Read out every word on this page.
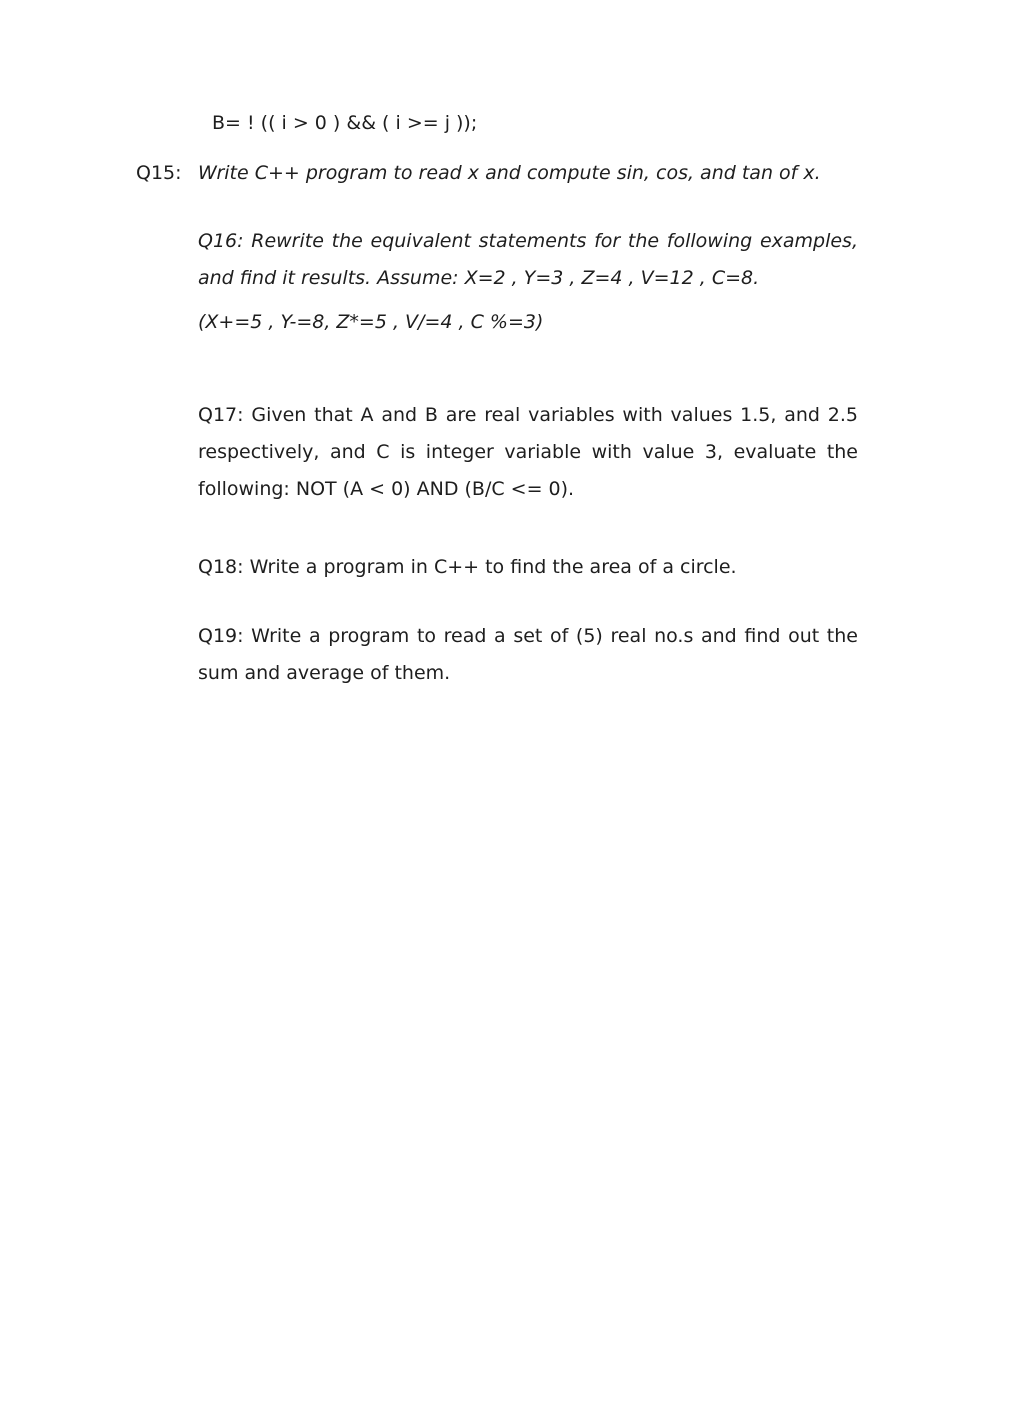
B= ! (( i > 0 ) && ( i >= j ));
Q15: Write C++ program to read x and compute sin, cos, and tan of x.
Q16: Rewrite the equivalent statements for the following examples,
and find it results. Assume: X=2 , Y=3 , Z=4 , V=12 , C=8.
(X+=5 , Y-=8, Z*=5 , V/=4 , C %=3)
Q17: Given that A and B are real variables with values 1.5, and 2.5
respectively, and C is integer variable with value 3, evaluate the
following: NOT (A < 0) AND (B/C <= 0).
Q18: Write a program in C++ to find the area of a circle.
Q19: Write a program to read a set of (5) real no.s and find out the
sum and average of them.
